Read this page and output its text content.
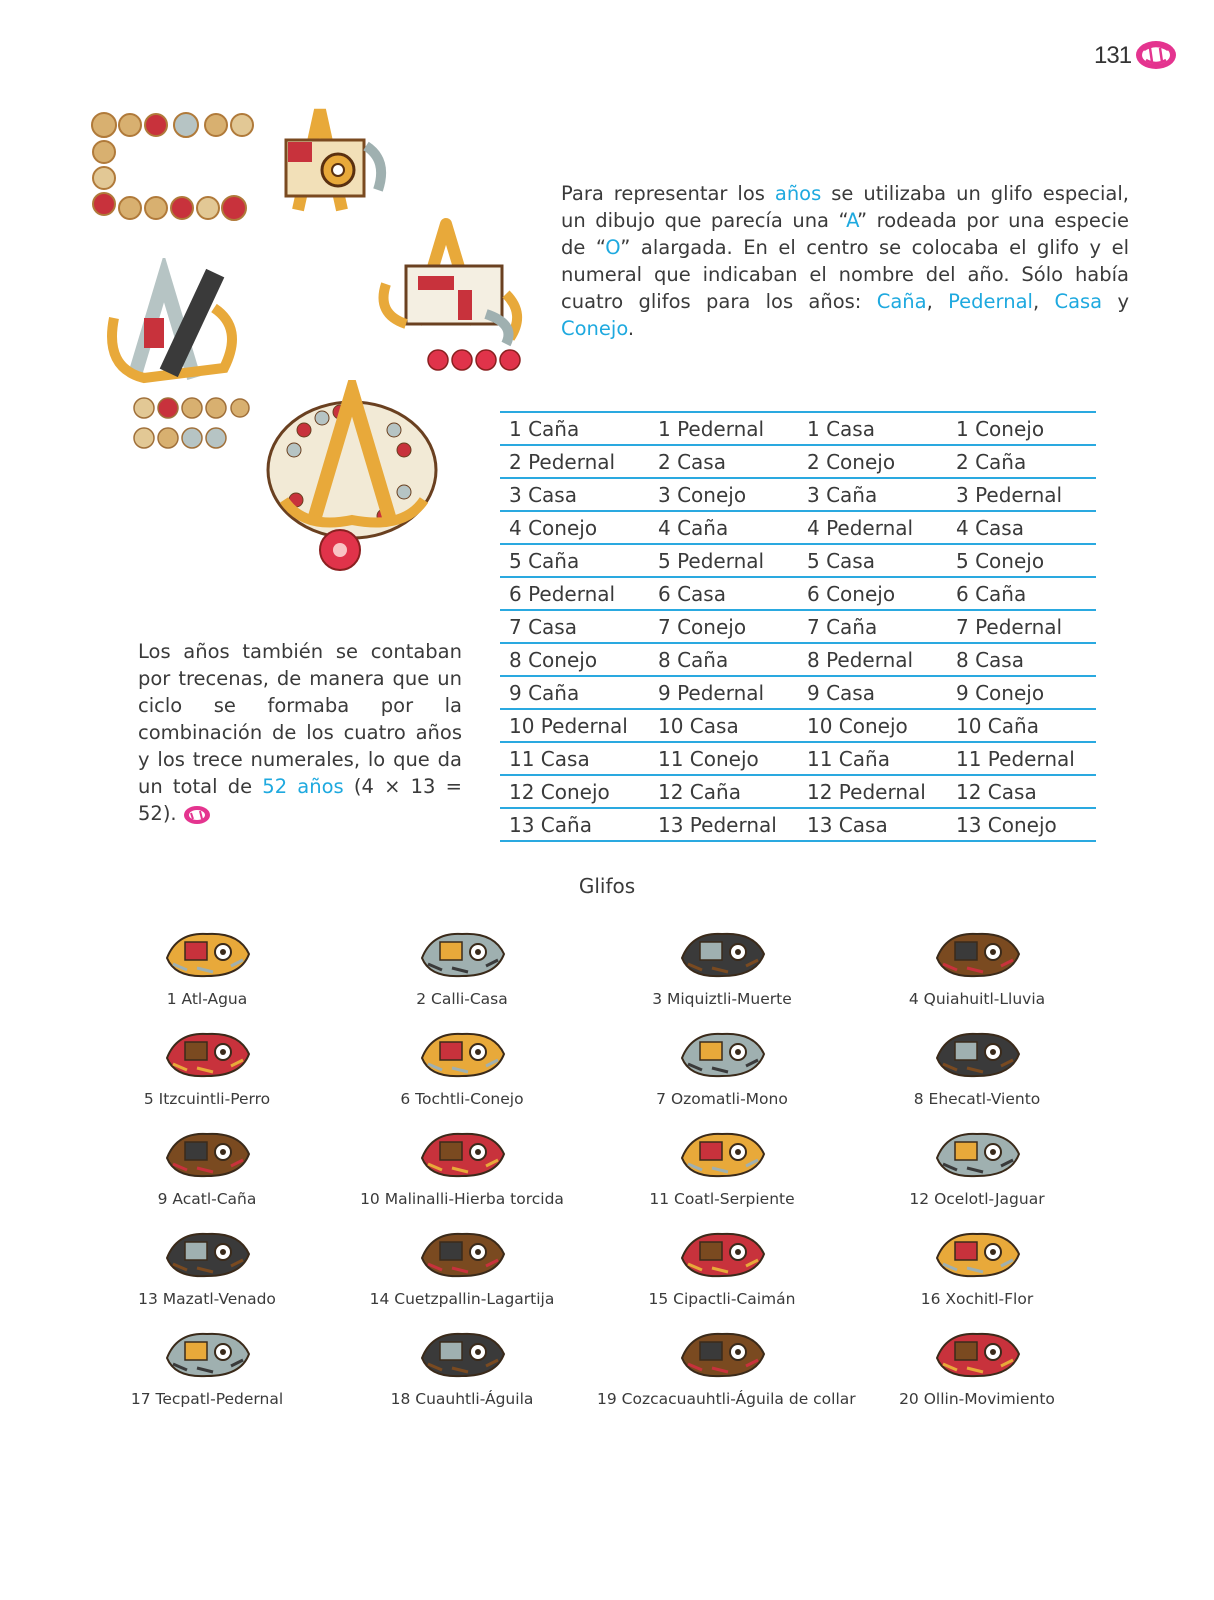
131

Para representar los años se utilizaba un glifo especial, un dibujo que parecía una “A” rodeada por una especie de “O” alargada. En el centro se colocaba el glifo y el numeral que indicaban el nombre del año. Sólo había cuatro glifos para los años: Caña, Pedernal, Casa y Conejo.

Los años también se contaban por trecenas, de manera que un ciclo se formaba por la combinación de los cuatro años y los trece numerales, lo que da un total de 52 años (4 × 13 = 52).

1 Caña	1 Pedernal	1 Casa	1 Conejo
2 Pedernal	2 Casa	2 Conejo	2 Caña
3 Casa	3 Conejo	3 Caña	3 Pedernal
4 Conejo	4 Caña	4 Pedernal	4 Casa
5 Caña	5 Pedernal	5 Casa	5 Conejo
6 Pedernal	6 Casa	6 Conejo	6 Caña
7 Casa	7 Conejo	7 Caña	7 Pedernal
8 Conejo	8 Caña	8 Pedernal	8 Casa
9 Caña	9 Pedernal	9 Casa	9 Conejo
10 Pedernal	10 Casa	10 Conejo	10 Caña
11 Casa	11 Conejo	11 Caña	11 Pedernal
12 Conejo	12 Caña	12 Pedernal	12 Casa
13 Caña	13 Pedernal	13 Casa	13 Conejo
Glifos
1 Atl-Agua	2 Calli-Casa	3 Miquiztli-Muerte	4 Quiahuitl-Lluvia
5 Itzcuintli-Perro	6 Tochtli-Conejo	7 Ozomatli-Mono	8 Ehecatl-Viento
9 Acatl-Caña	10 Malinalli-Hierba torcida	11 Coatl-Serpiente	12 Ocelotl-Jaguar
13 Mazatl-Venado	14 Cuetzpallin-Lagartija	15 Cipactli-Caimán	16 Xochitl-Flor
17 Tecpatl-Pedernal	18 Cuauhtli-Águila	19 Cozcacuauhtli-Águila de collar	20 Ollin-Movimiento
